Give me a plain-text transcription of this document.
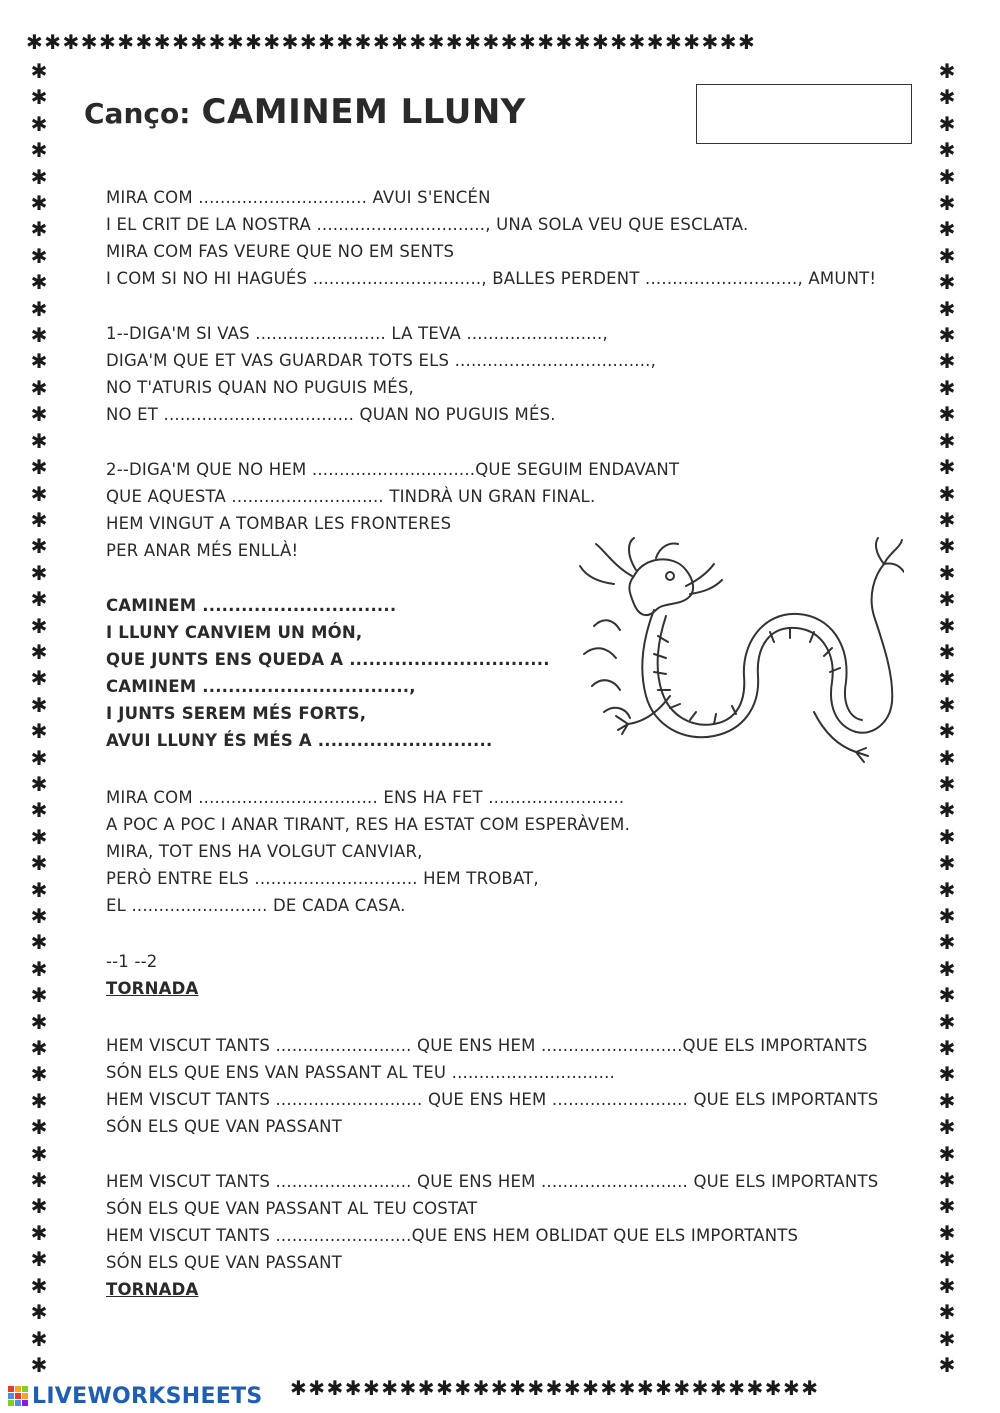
✱✱✱✱✱✱✱✱✱✱✱✱✱✱✱✱✱✱✱✱✱✱✱✱✱✱✱✱✱✱✱✱✱✱✱✱✱✱✱✱
✱✱✱✱✱✱✱✱✱✱✱✱✱✱✱✱✱✱✱✱✱✱✱✱✱✱✱✱✱✱✱✱✱✱✱✱✱✱✱✱✱✱✱✱✱✱✱✱✱✱
✱✱✱✱✱✱✱✱✱✱✱✱✱✱✱✱✱✱✱✱✱✱✱✱✱✱✱✱✱✱✱✱✱✱✱✱✱✱✱✱✱✱✱✱✱✱✱✱✱✱
✱✱✱✱✱✱✱✱✱✱✱✱✱✱✱✱✱✱✱✱✱✱✱✱✱✱✱✱✱
Canço: CAMINEM LLUNY
MIRA COM ............................... AVUI S'ENCÉN
I EL CRIT DE LA NOSTRA ..............................., UNA SOLA VEU QUE ESCLATA.
MIRA COM FAS VEURE QUE NO EM SENTS
I COM SI NO HI HAGUÉS ..............................., BALLES PERDENT ............................, AMUNT!
1--DIGA'M SI VAS ........................ LA TEVA .........................,
DIGA'M QUE ET VAS GUARDAR TOTS ELS ....................................,
NO T'ATURIS QUAN NO PUGUIS MÉS,
NO ET ................................... QUAN NO PUGUIS MÉS.
2--DIGA'M QUE NO HEM ..............................QUE SEGUIM ENDAVANT
QUE AQUESTA ............................ TINDRÀ UN GRAN FINAL.
HEM VINGUT A TOMBAR LES FRONTERES
PER ANAR MÉS ENLLÀ!
CAMINEM ..............................
I LLUNY CANVIEM UN MÓN,
QUE JUNTS ENS QUEDA A ...............................
CAMINEM ................................,
I JUNTS SEREM MÉS FORTS,
AVUI LLUNY ÉS MÉS A ...........................
MIRA COM ................................. ENS HA FET .........................
A POC A POC I ANAR TIRANT, RES HA ESTAT COM ESPERÀVEM.
MIRA, TOT ENS HA VOLGUT CANVIAR,
PERÒ ENTRE ELS .............................. HEM TROBAT,
EL ......................... DE CADA CASA.
--1 --2
TORNADA
HEM VISCUT TANTS ......................... QUE ENS HEM ..........................QUE ELS IMPORTANTS
SÓN ELS QUE ENS VAN PASSANT AL TEU ..............................
HEM VISCUT TANTS ........................... QUE ENS HEM ......................... QUE ELS IMPORTANTS
SÓN ELS QUE VAN PASSANT
HEM VISCUT TANTS ......................... QUE ENS HEM ........................... QUE ELS IMPORTANTS
SÓN ELS QUE VAN PASSANT AL TEU COSTAT
HEM VISCUT TANTS .........................QUE ENS HEM OBLIDAT QUE ELS IMPORTANTS
SÓN ELS QUE VAN PASSANT
TORNADA
LIVEWORKSHEETS
